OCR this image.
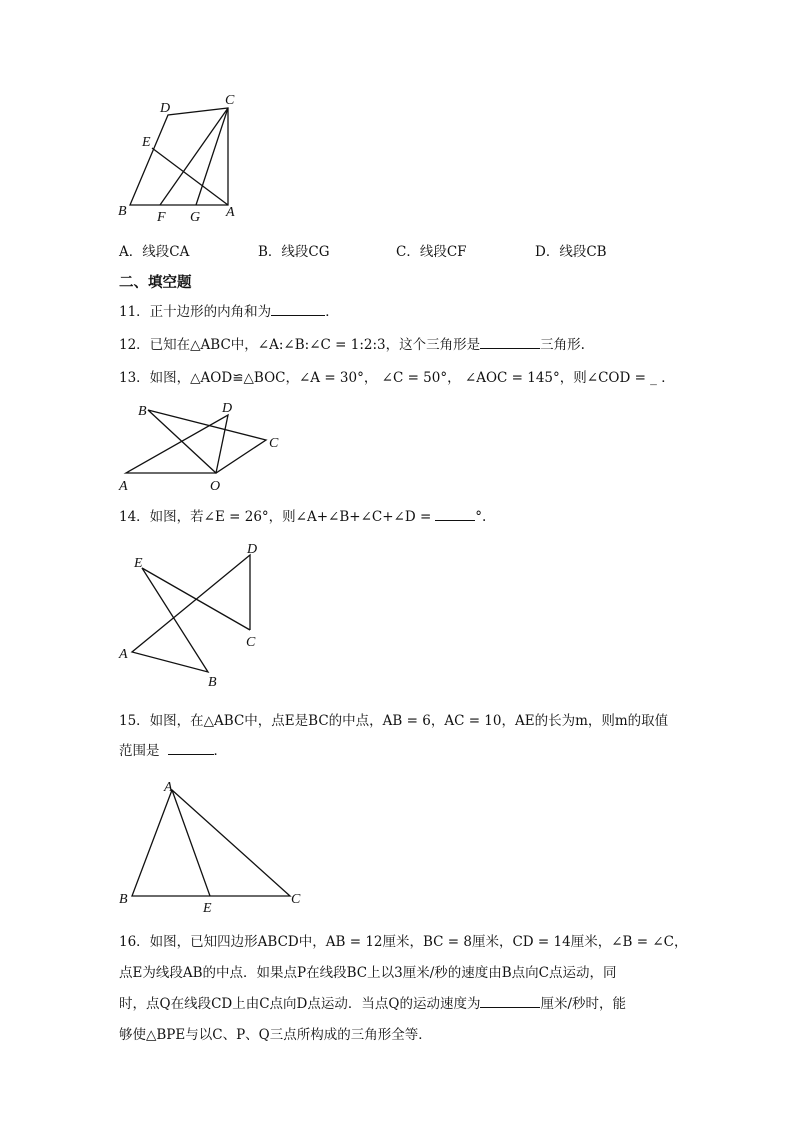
D
C
E
B F G A
A．线段CA	B．线段CG	C．线段CF	D．线段CB
二、填空题
11．正十边形的内角和为	．
12．已知在△ABC中，∠A:∠B:∠C = 1:2:3，这个三角形是	三角形.
13．如图，△AOD≌△BOC，∠A = 30°， ∠C = 50°， ∠AOC = 145°，则∠COD = _ ．
B	D
C
A	O
14．如图，若∠E = 26°，则∠A+∠B+∠C+∠D =	°.
E
D
C
A
B
15．如图，在△ABC中，点E是BC的中点，AB = 6，AC = 10，AE的长为m，则m的取值
范围是	．
A
B
E
C
16．如图，已知四边形ABCD中，AB = 12厘米，BC = 8厘米，CD = 14厘米，∠B = ∠C，
点E为线段AB的中点．如果点P在线段BC上以3厘米/秒的速度由B点向C点运动，同
时，点Q在线段CD上由C点向D点运动．当点Q的运动速度为	厘米/秒时，能
够使△BPE与以C、P、Q三点所构成的三角形全等．
